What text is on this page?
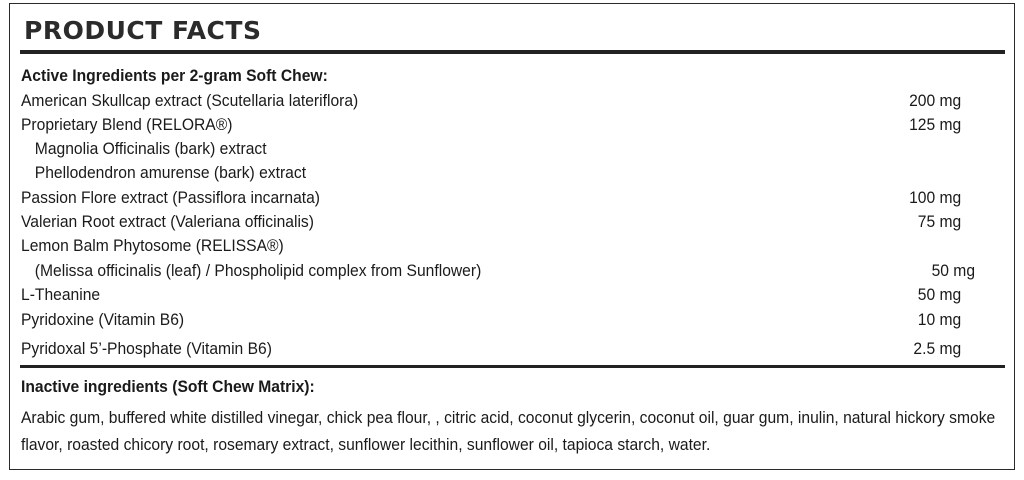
PRODUCT FACTS
Active Ingredients per 2-gram Soft Chew:
American Skullcap extract (Scutellaria lateriflora)	200 mg
Proprietary Blend (RELORA®)	125 mg
Magnolia Officinalis (bark) extract
Phellodendron amurense (bark) extract
Passion Flore extract (Passiflora incarnata)	100 mg
Valerian Root extract (Valeriana officinalis)	75 mg
Lemon Balm Phytosome (RELISSA®)
(Melissa officinalis (leaf) / Phospholipid complex from Sunflower)	50 mg
L-Theanine	50 mg
Pyridoxine (Vitamin B6)	10 mg
Pyridoxal 5’-Phosphate (Vitamin B6)	2.5 mg
Inactive ingredients (Soft Chew Matrix):
Arabic gum, buffered white distilled vinegar, chick pea flour, , citric acid, coconut glycerin, coconut oil, guar gum, inulin, natural hickory smoke flavor, roasted chicory root, rosemary extract, sunflower lecithin, sunflower oil, tapioca starch, water.
